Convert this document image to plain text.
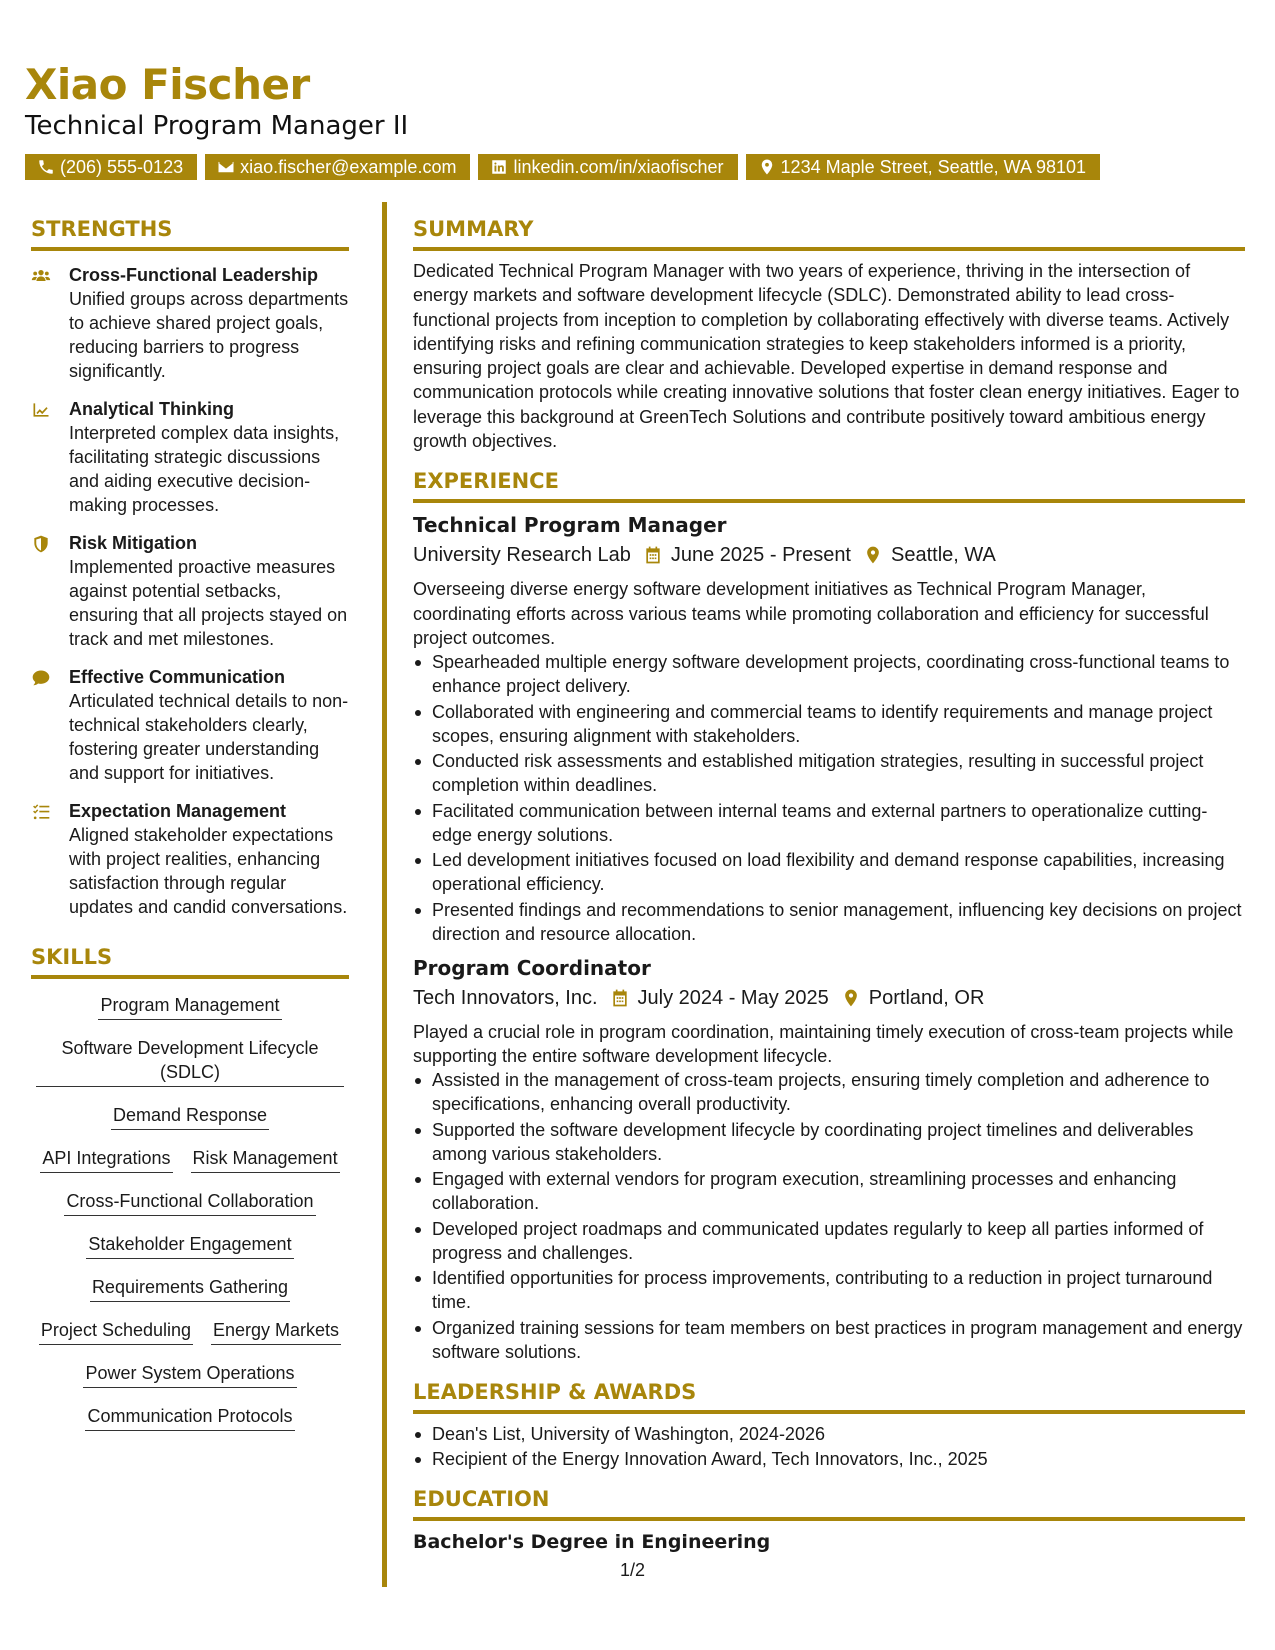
Xiao Fischer
Technical Program Manager II
(206) 555-0123	xiao.fischer@example.com	linkedin.com/in/xiaofischer	1234 Maple Street, Seattle, WA 98101
STRENGTHS
Cross-Functional Leadership
Unified groups across departments to achieve shared project goals, reducing barriers to progress significantly.
Analytical Thinking
Interpreted complex data insights, facilitating strategic discussions and aiding executive decision-making processes.
Risk Mitigation
Implemented proactive measures against potential setbacks, ensuring that all projects stayed on track and met milestones.
Effective Communication
Articulated technical details to non-technical stakeholders clearly, fostering greater understanding and support for initiatives.
Expectation Management
Aligned stakeholder expectations with project realities, enhancing satisfaction through regular updates and candid conversations.
SKILLS
Program Management
Software Development Lifecycle (SDLC)
Demand Response
API Integrations Risk Management
Cross-Functional Collaboration
Stakeholder Engagement
Requirements Gathering
Project Scheduling Energy Markets
Power System Operations
Communication Protocols
SUMMARY
Dedicated Technical Program Manager with two years of experience, thriving in the intersection of energy markets and software development lifecycle (SDLC). Demonstrated ability to lead cross-functional projects from inception to completion by collaborating effectively with diverse teams. Actively identifying risks and refining communication strategies to keep stakeholders informed is a priority, ensuring project goals are clear and achievable. Developed expertise in demand response and communication protocols while creating innovative solutions that foster clean energy initiatives. Eager to leverage this background at GreenTech Solutions and contribute positively toward ambitious energy growth objectives.
EXPERIENCE
Technical Program Manager
University Research Lab June 2025 - Present Seattle, WA
Overseeing diverse energy software development initiatives as Technical Program Manager, coordinating efforts across various teams while promoting collaboration and efficiency for successful project outcomes.
Spearheaded multiple energy software development projects, coordinating cross-functional teams to enhance project delivery.
Collaborated with engineering and commercial teams to identify requirements and manage project scopes, ensuring alignment with stakeholders.
Conducted risk assessments and established mitigation strategies, resulting in successful project completion within deadlines.
Facilitated communication between internal teams and external partners to operationalize cutting-edge energy solutions.
Led development initiatives focused on load flexibility and demand response capabilities, increasing operational efficiency.
Presented findings and recommendations to senior management, influencing key decisions on project direction and resource allocation.
Program Coordinator
Tech Innovators, Inc. July 2024 - May 2025 Portland, OR
Played a crucial role in program coordination, maintaining timely execution of cross-team projects while supporting the entire software development lifecycle.
Assisted in the management of cross-team projects, ensuring timely completion and adherence to specifications, enhancing overall productivity.
Supported the software development lifecycle by coordinating project timelines and deliverables among various stakeholders.
Engaged with external vendors for program execution, streamlining processes and enhancing collaboration.
Developed project roadmaps and communicated updates regularly to keep all parties informed of progress and challenges.
Identified opportunities for process improvements, contributing to a reduction in project turnaround time.
Organized training sessions for team members on best practices in program management and energy software solutions.
LEADERSHIP & AWARDS
Dean's List, University of Washington, 2024-2026
Recipient of the Energy Innovation Award, Tech Innovators, Inc., 2025
EDUCATION
Bachelor's Degree in Engineering
1/2
